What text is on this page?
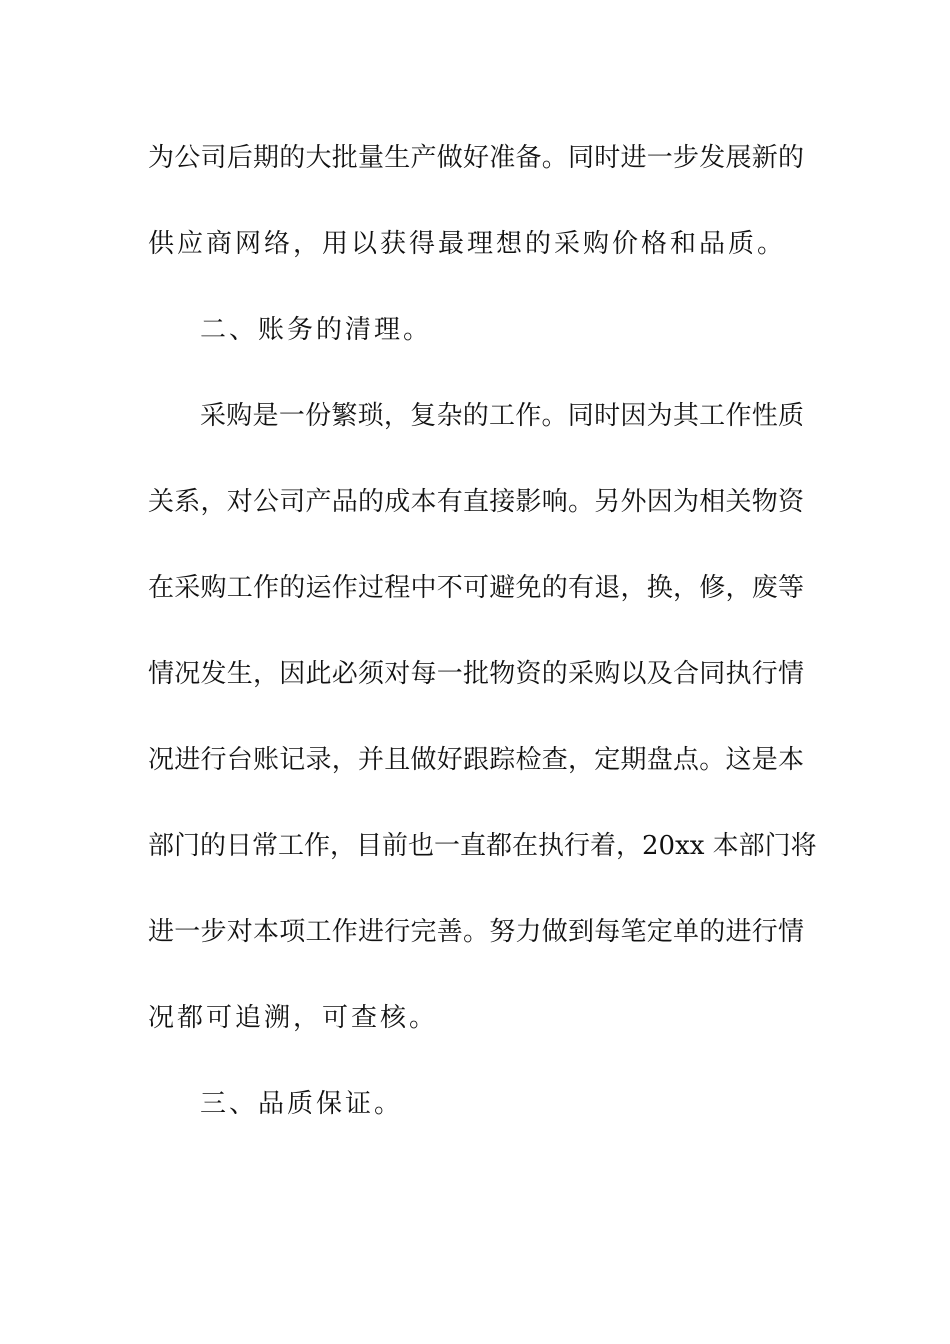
为公司后期的大批量生产做好准备。同时进一步发展新的

供应商网络，用以获得最理想的采购价格和品质。

二、账务的清理。

采购是一份繁琐，复杂的工作。同时因为其工作性质

关系，对公司产品的成本有直接影响。另外因为相关物资

在采购工作的运作过程中不可避免的有退，换，修，废等

情况发生，因此必须对每一批物资的采购以及合同执行情

况进行台账记录，并且做好跟踪检查，定期盘点。这是本

部门的日常工作，目前也一直都在执行着，20xx 本部门将

进一步对本项工作进行完善。努力做到每笔定单的进行情

况都可追溯，可查核。

三、品质保证。
